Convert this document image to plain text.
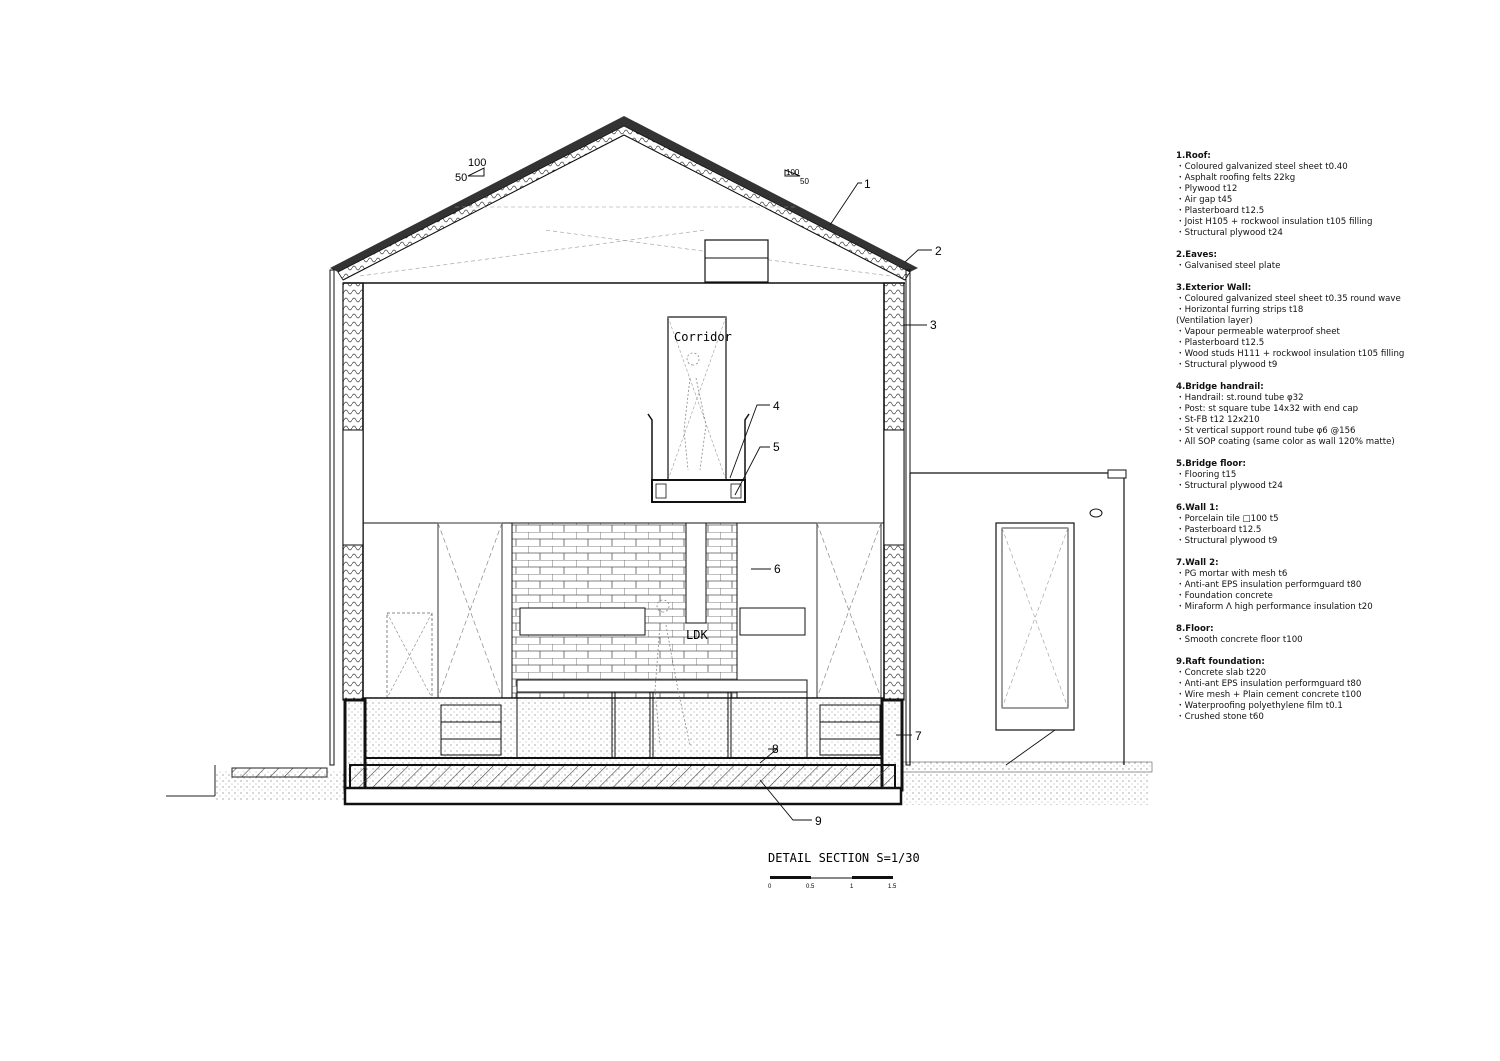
100
50	100
50
Corridor
LDK
1
2
3
4
5
6
7
8
9
DETAIL SECTION S=1/30
0	0.5	1	1.5
1.Roof:
・ Coloured galvanized steel sheet t0.40
・ Asphalt roofing felts 22kg
・ Plywood t12
・ Air gap t45
・ Plasterboard t12.5
・ Joist H105 + rockwool insulation t105 filling
・ Structural plywood t24
2.Eaves:
・ Galvanised steel plate
3.Exterior Wall:
・ Coloured galvanized steel sheet t0.35 round wave
・ Horizontal furring strips t18
(Ventilation layer)
・ Vapour permeable waterproof sheet
・ Plasterboard t12.5
・ Wood studs H111 + rockwool insulation t105 filling
・ Structural plywood t9
4.Bridge handrail:
・ Handrail: st.round tube φ32
・ Post: st square tube 14x32 with end cap
・ St-FB t12 12x210
・ St vertical support round tube φ6 @156
・ All SOP coating (same color as wall 120% matte)
5.Bridge floor:
・ Flooring t15
・ Structural plywood t24
6.Wall 1:
・ Porcelain tile □100 t5
・ Pasterboard t12.5
・ Structural plywood t9
7.Wall 2:
・ PG mortar with mesh t6
・ Anti-ant EPS insulation performguard t80
・ Foundation concrete
・ Miraform Λ high performance insulation t20
8.Floor:
・ Smooth concrete floor t100
9.Raft foundation:
・ Concrete slab t220
・ Anti-ant EPS insulation performguard t80
・ Wire mesh + Plain cement concrete t100
・ Waterproofing polyethylene film t0.1
・ Crushed stone t60
